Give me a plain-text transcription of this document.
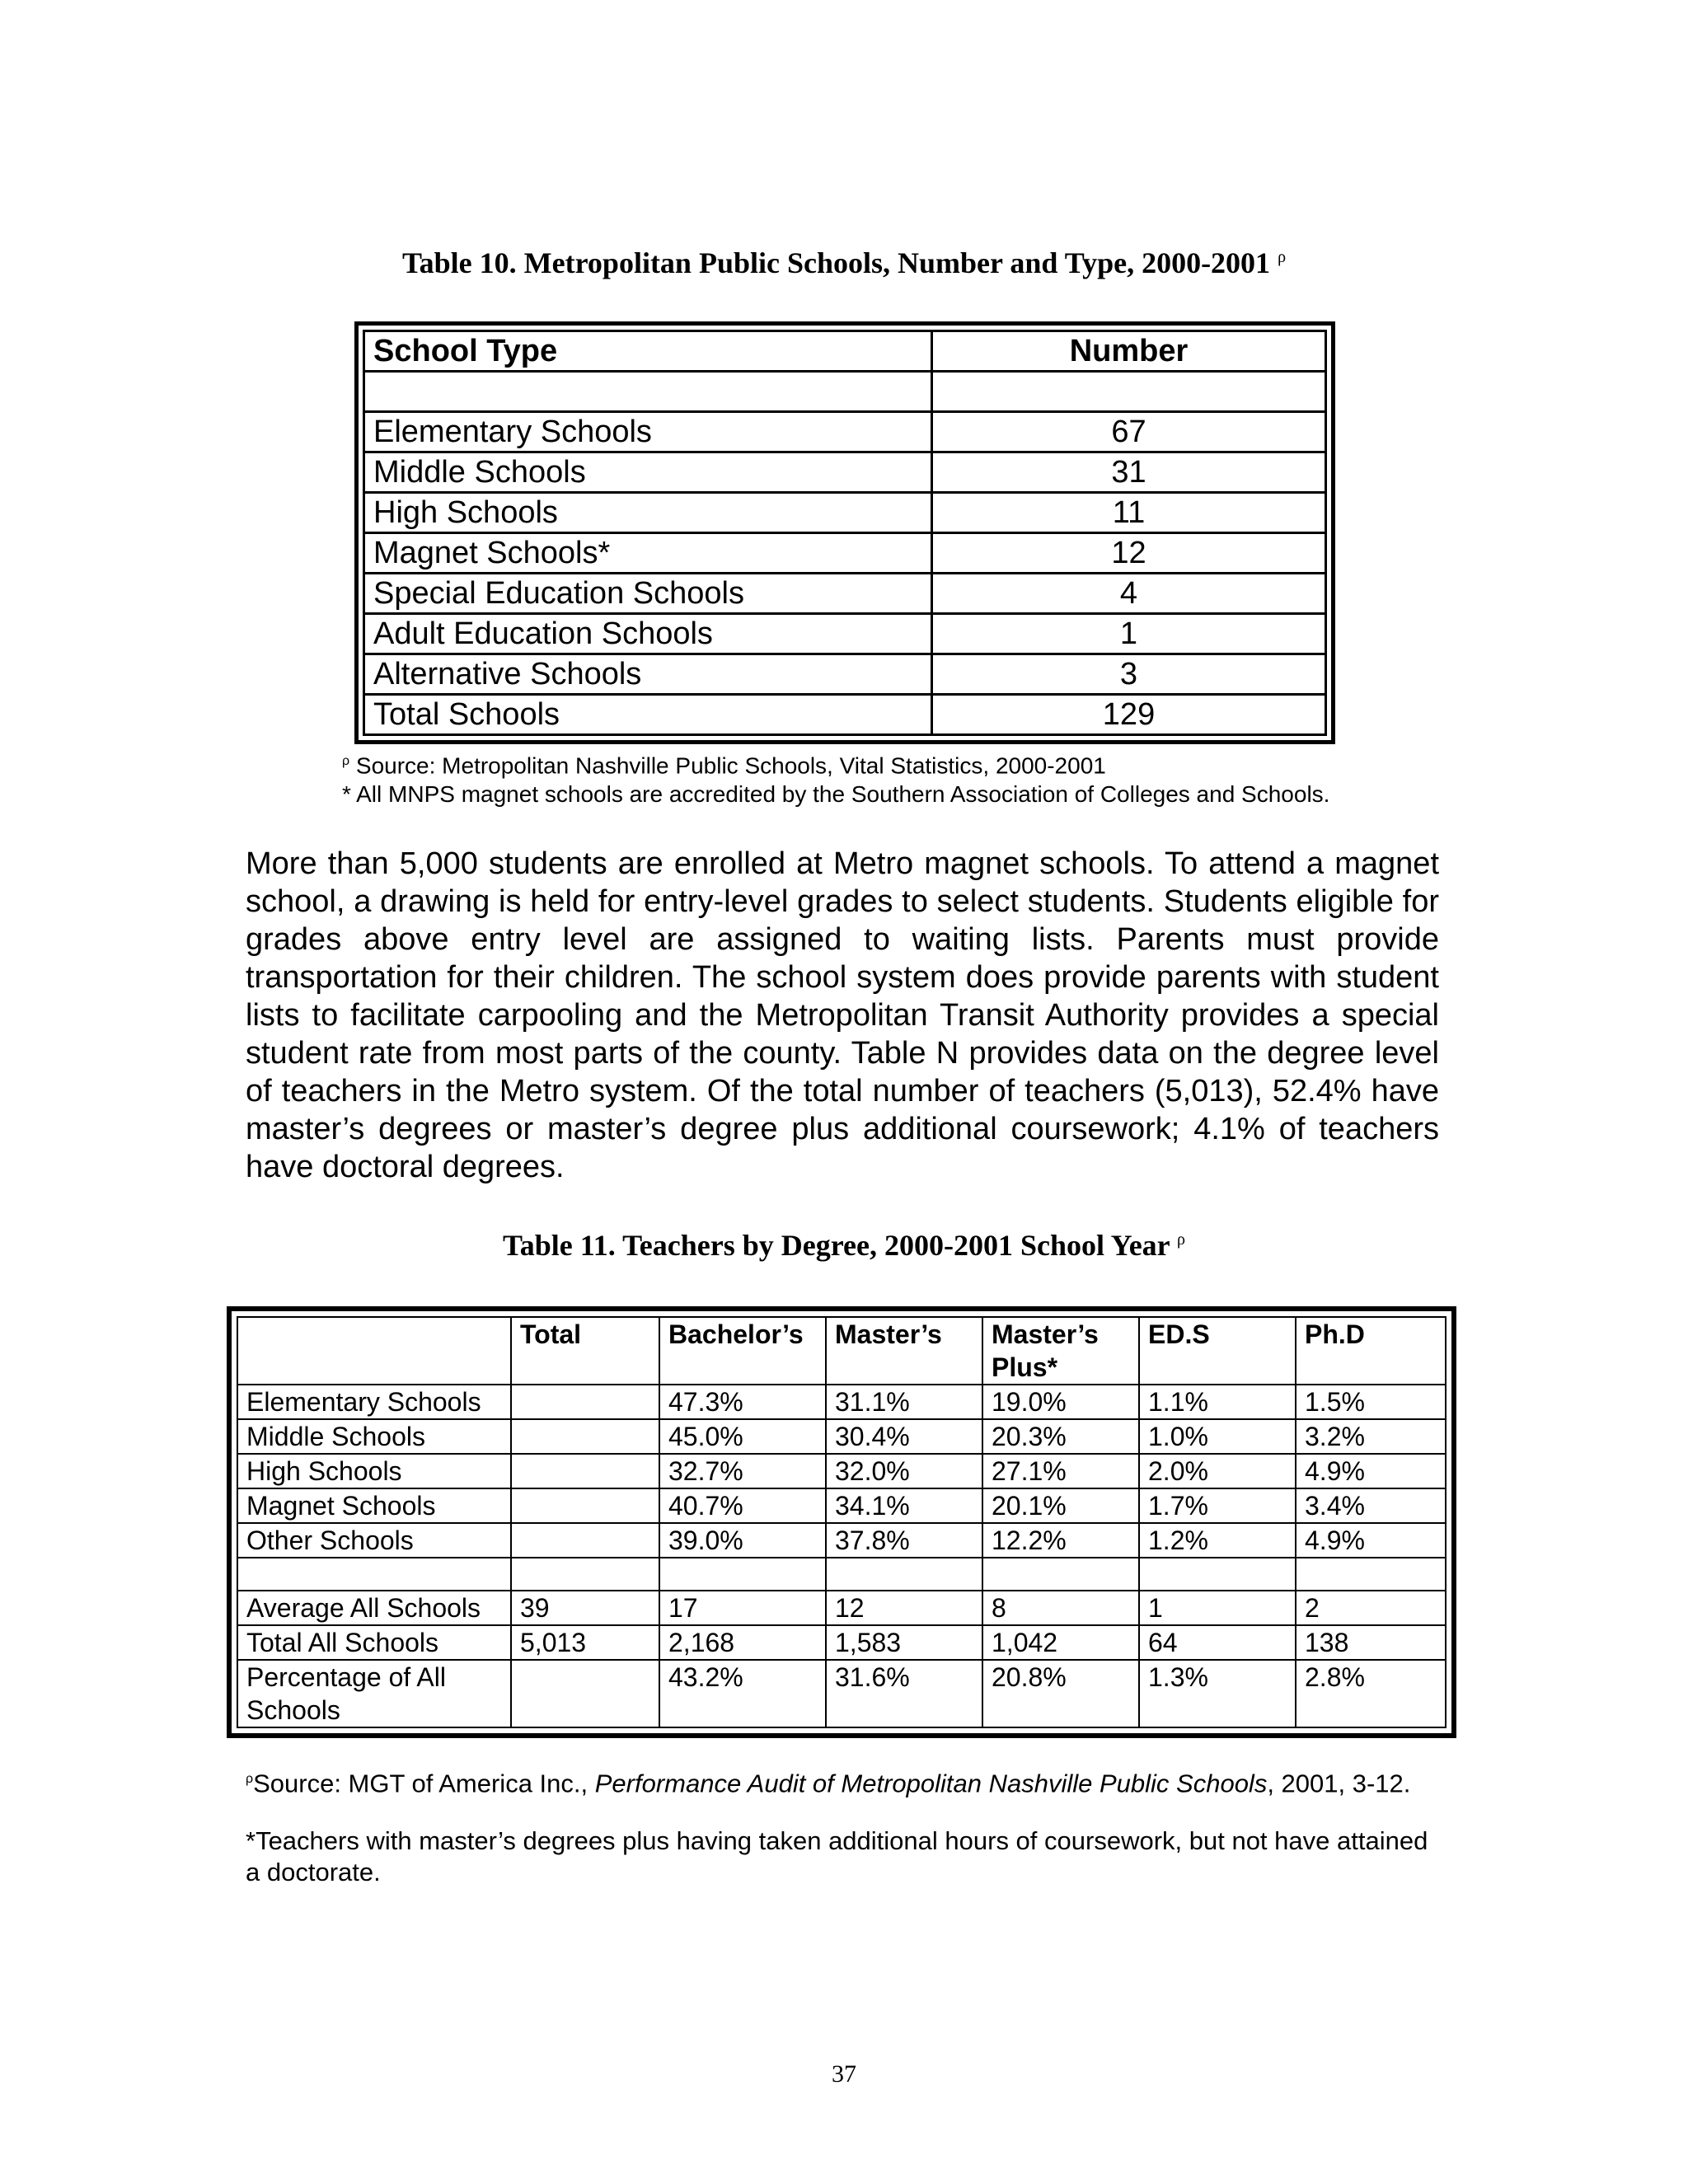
Table 10. Metropolitan Public Schools, Number and Type, 2000-2001 $^\rho$
School Type	Number

Elementary Schools	67
Middle Schools	31
High Schools	11
Magnet Schools*	12
Special Education Schools	4
Adult Education Schools	1
Alternative Schools	3
Total Schools	129
$^\rho$ Source: Metropolitan Nashville Public Schools, Vital Statistics, 2000-2001
* All MNPS magnet schools are accredited by the Southern Association of Colleges and Schools.

More than 5,000 students are enrolled at Metro magnet schools. To attend a magnet school, a drawing is held for entry-level grades to select students. Students eligible for grades above entry level are assigned to waiting lists. Parents must provide transportation for their children. The school system does provide parents with student lists to facilitate carpooling and the Metropolitan Transit Authority provides a special student rate from most parts of the county. Table N provides data on the degree level of teachers in the Metro system. Of the total number of teachers (5,013), 52.4% have master’s degrees or master’s degree plus additional coursework; 4.1% of teachers have doctoral degrees.

Table 11. Teachers by Degree, 2000-2001 School Year $^\rho$
	Total	Bachelor’s	Master’s	Master’s Plus*	ED.S	Ph.D
Elementary Schools		47.3%	31.1%	19.0%	1.1%	1.5%
Middle Schools		45.0%	30.4%	20.3%	1.0%	3.2%
High Schools		32.7%	32.0%	27.1%	2.0%	4.9%
Magnet Schools		40.7%	34.1%	20.1%	1.7%	3.4%
Other Schools		39.0%	37.8%	12.2%	1.2%	4.9%

Average All Schools	39	17	12	8	1	2
Total All Schools	5,013	2,168	1,583	1,042	64	138
Percentage of All Schools		43.2%	31.6%	20.8%	1.3%	2.8%

$^\rho$Source: MGT of America Inc., Performance Audit of Metropolitan Nashville Public Schools, 2001, 3-12.

*Teachers with master’s degrees plus having taken additional hours of coursework, but not have attained a doctorate.

37
